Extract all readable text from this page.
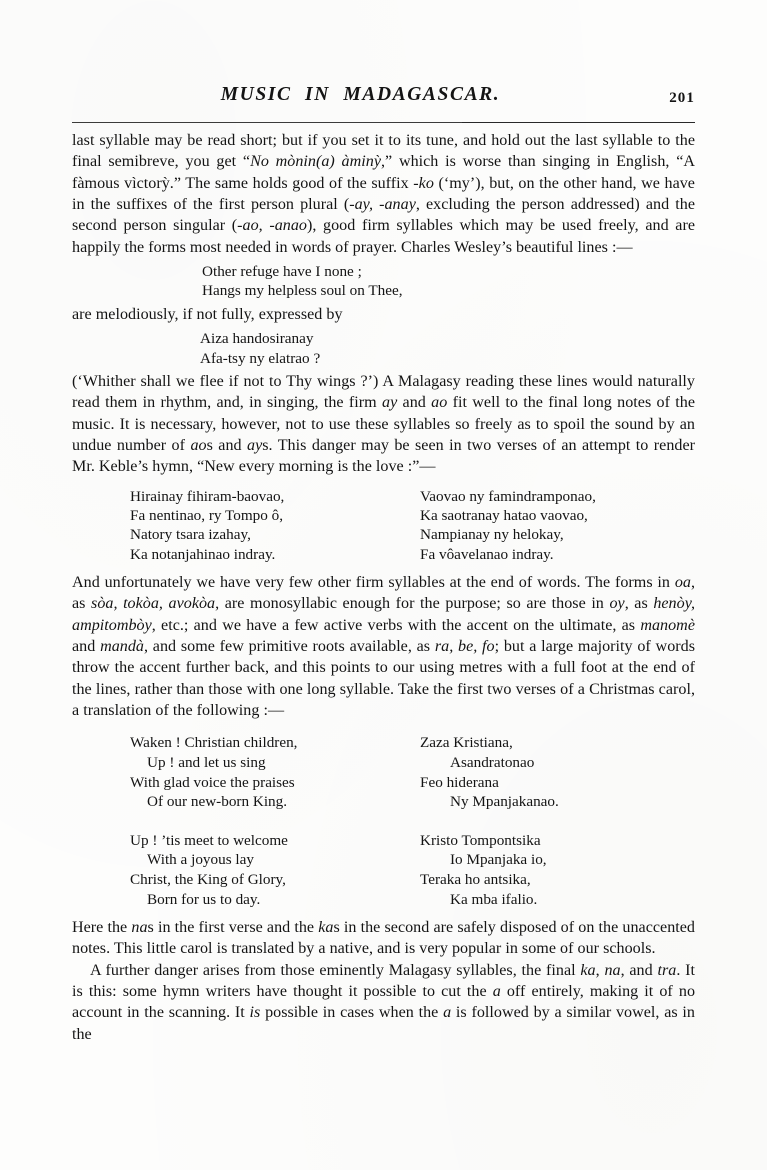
MUSIC IN MADAGASCAR.	201

last syllable may be read short; but if you set it to its tune, and hold out the last syllable to the final semibreve, you get “No mònin(a) àminỳ,” which is worse than singing in English, “A fàmous vìctorỳ.” The same holds good of the suffix -ko (‘my’), but, on the other hand, we have in the suffixes of the first person plural (-ay, -anay, excluding the person addressed) and the second person singular (-ao, -anao), good firm syllables which may be used freely, and are happily the forms most needed in words of prayer. Charles Wesley’s beautiful lines :—

Other refuge have I none ;
Hangs my helpless soul on Thee,

are melodiously, if not fully, expressed by

Aiza handosiranay
Afa-tsy ny elatrao ?

(‘Whither shall we flee if not to Thy wings ?’) A Malagasy reading these lines would naturally read them in rhythm, and, in singing, the firm ay and ao fit well to the final long notes of the music. It is necessary, however, not to use these syllables so freely as to spoil the sound by an undue number of aos and ays. This danger may be seen in two verses of an attempt to render Mr. Keble’s hymn, “New every morning is the love :”—

Hirainay fihiram-baovao,	Vaovao ny famindramponao,
Fa nentinao, ry Tompo ô,	Ka saotranay hatao vaovao,
Natory tsara izahay,	Nampianay ny helokay,
Ka notanjahinao indray.	Fa vôavelanao indray.

And unfortunately we have very few other firm syllables at the end of words. The forms in oa, as sòa, tokòa, avokòa, are monosyllabic enough for the purpose; so are those in oy, as henòy, ampitombòy, etc.; and we have a few active verbs with the accent on the ultimate, as manomè and mandà, and some few primitive roots available, as ra, be, fo; but a large majority of words throw the accent further back, and this points to our using metres with a full foot at the end of the lines, rather than those with one long syllable. Take the first two verses of a Christmas carol, a translation of the following :—

Waken ! Christian children,	Zaza Kristiana,
Up ! and let us sing	Asandratonao
With glad voice the praises	Feo hiderana
Of our new-born King.	Ny Mpanjakanao.
Up ! ’tis meet to welcome	Kristo Tompontsika
With a joyous lay	Io Mpanjaka io,
Christ, the King of Glory,	Teraka ho antsika,
Born for us to day.	Ka mba ifalio.

Here the nas in the first verse and the kas in the second are safely disposed of on the unaccented notes. This little carol is translated by a native, and is very popular in some of our schools.

A further danger arises from those eminently Malagasy syllables, the final ka, na, and tra. It is this: some hymn writers have thought it possible to cut the a off entirely, making it of no account in the scanning. It is possible in cases when the a is followed by a similar vowel, as in the
